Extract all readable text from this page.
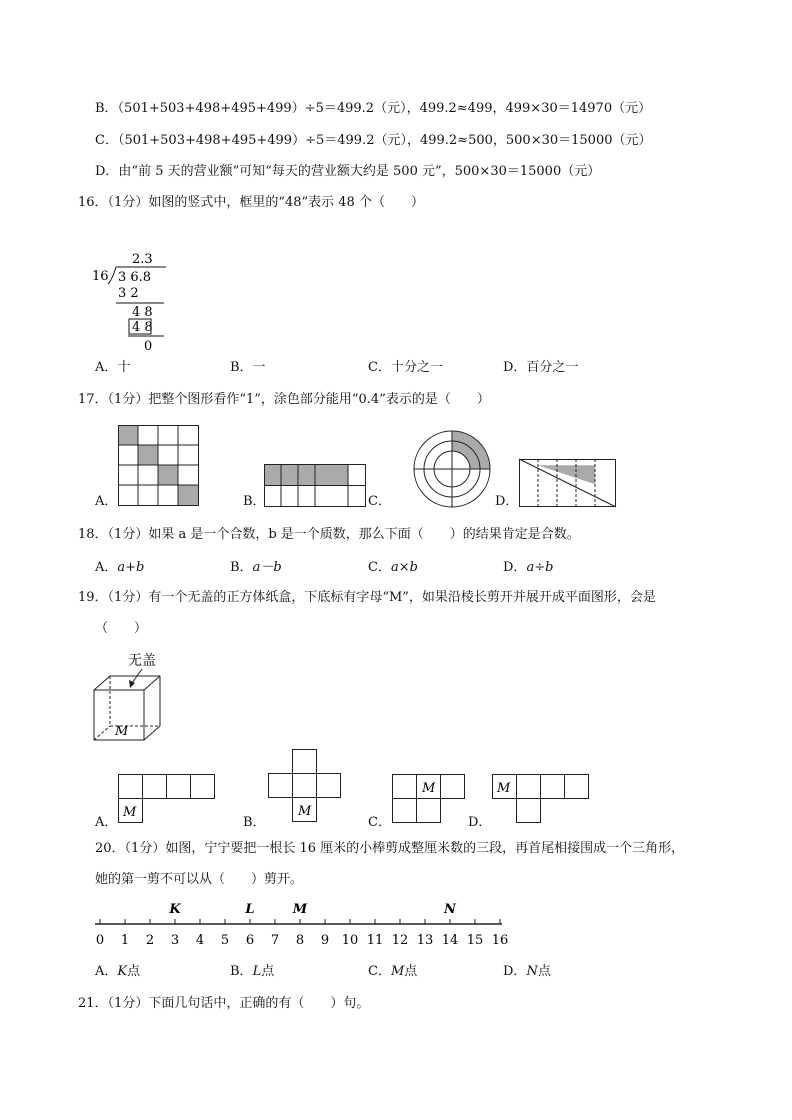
B．（501+503+498+495+499）÷5＝499.2（元），499.2≈499，499×30＝14970（元）
C．（501+503+498+495+499）÷5＝499.2（元），499.2≈500，500×30＝15000（元）
D．由“前 5 天的营业额”可知“每天的营业额大约是 500 元”，500×30＝15000（元）
16．（1分）如图的竖式中，框里的“48”表示 48 个（　　）
2.3
16 3 6.8
3 2
4 8
4 8
0
A．十	B．一	C．十分之一	D．百分之一
17．（1分）把整个图形看作“1”，涂色部分能用“0.4”表示的是（　　）
A．	B．	C．	D．
18．（1分）如果 a 是一个合数，b 是一个质数，那么下面（　　）的结果肯定是合数。
A．a+b	B．a－b	C．a×b	D．a÷b
19．（1分）有一个无盖的正方体纸盒，下底标有字母“M”，如果沿棱长剪开并展开成平面图形，会是
（　　）
无盖
M
A．
M
B．
M
C．
M
D．
M
20．（1分）如图，宁宁要把一根长 16 厘米的小棒剪成整厘米数的三段，再首尾相接围成一个三角形，
她的第一剪不可以从（　　）剪开。
0 1 2 3 4 5 6 7 8 9 10 11 12 13 14 15 16
K	L	M	N
A．K点	B．L点	C．M点	D．N点
21．（1分）下面几句话中，正确的有（　　）句。
